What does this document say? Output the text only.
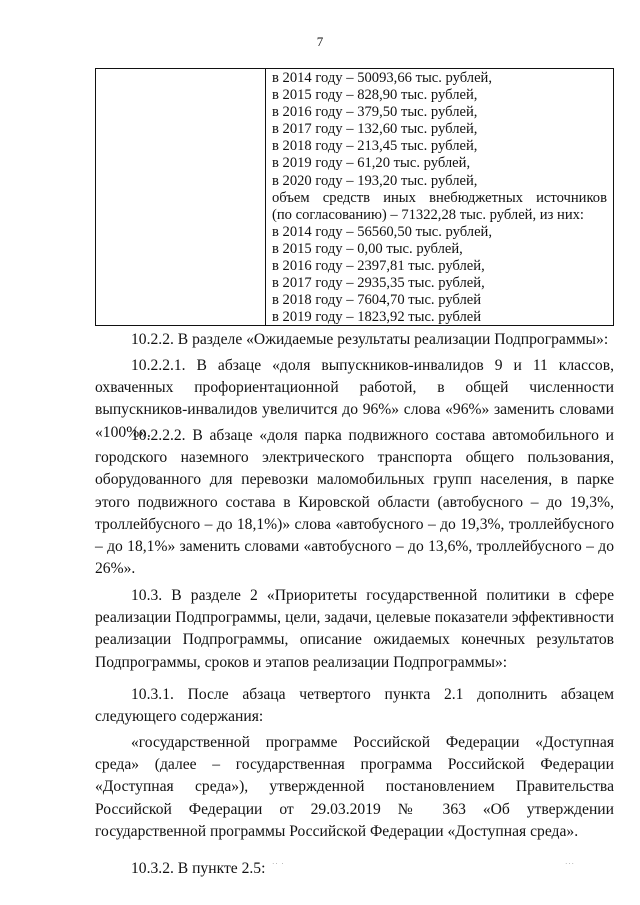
7
в 2014 году – 50093,66 тыс. рублей,
в 2015 году – 828,90 тыс. рублей,
в 2016 году – 379,50 тыс. рублей,
в 2017 году – 132,60 тыс. рублей,
в 2018 году – 213,45 тыс. рублей,
в 2019 году – 61,20 тыс. рублей,
в 2020 году – 193,20 тыс. рублей,
объем средств иных внебюджетных источников
(по согласованию) – 71322,28 тыс. рублей, из них:
в 2014 году – 56560,50 тыс. рублей,
в 2015 году – 0,00 тыс. рублей,
в 2016 году – 2397,81 тыс. рублей,
в 2017 году – 2935,35 тыс. рублей,
в 2018 году – 7604,70 тыс. рублей
в 2019 году – 1823,92 тыс. рублей

10.2.2. В разделе «Ожидаемые результаты реализации Подпрограммы»:

10.2.2.1. В абзаце «доля выпускников-инвалидов 9 и 11 классов, охваченных профориентационной работой, в общей численности выпускников-инвалидов увеличится до 96%» слова «96%» заменить словами «100%».

10.2.2.2. В абзаце «доля парка подвижного состава автомобильного и городского наземного электрического транспорта общего пользования, оборудованного для перевозки маломобильных групп населения, в парке этого подвижного состава в Кировской области (автобусного – до 19,3%, троллейбусного – до 18,1%)» слова «автобусного – до 19,3%, троллейбусного – до 18,1%» заменить словами «автобусного – до 13,6%, троллейбусного – до 26%».

10.3. В разделе 2 «Приоритеты государственной политики в сфере реализации Подпрограммы, цели, задачи, целевые показатели эффективности реализации Подпрограммы, описание ожидаемых конечных результатов Подпрограммы, сроков и этапов реализации Подпрограммы»:

10.3.1. После абзаца четвертого пункта 2.1 дополнить абзацем следующего содержания:

«государственной программе Российской Федерации «Доступная среда» (далее – государственная программа Российской Федерации «Доступная среда»), утвержденной постановлением Правительства Российской Федерации от 29.03.2019 № 363 «Об утверждении государственной программы Российской Федерации «Доступная среда».

10.3.2. В пункте 2.5: ˙˙ ˙	˙˙˙
